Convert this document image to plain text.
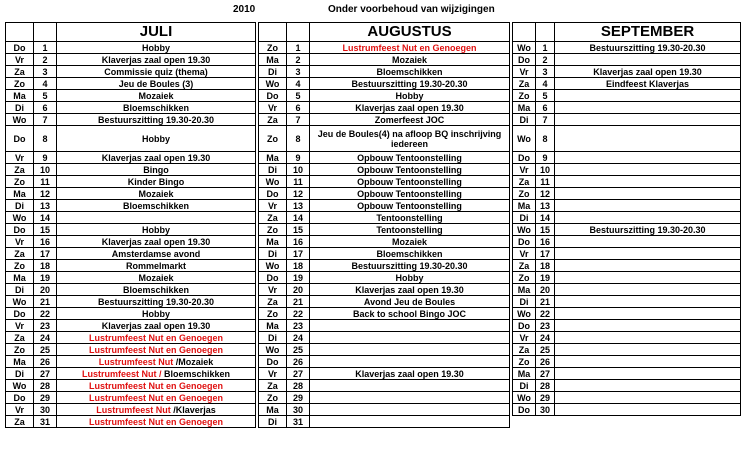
2010	Onder voorbehoud van wijzigingen
		JULI				AUGUSTUS				SEPTEMBER
Do	1	Hobby		Zo	1	Lustrumfeest Nut en Genoegen		Wo	1	Bestuurszitting 19.30-20.30
Vr	2	Klaverjas zaal open 19.30		Ma	2	Mozaiek		Do	2	
Za	3	Commissie quiz (thema)		Di	3	Bloemschikken		Vr	3	Klaverjas zaal open 19.30
Zo	4	Jeu de Boules (3)		Wo	4	Bestuurszitting 19.30-20.30		Za	4	Eindfeest Klaverjas
Ma	5	Mozaiek		Do	5	Hobby		Zo	5	
Di	6	Bloemschikken		Vr	6	Klaverjas zaal open 19.30		Ma	6	
Wo	7	Bestuurszitting 19.30-20.30		Za	7	Zomerfeest JOC		Di	7	
Do	8	Hobby		Zo	8	Jeu de Boules(4) na afloop BQ inschrijving iedereen		Wo	8	
Vr	9	Klaverjas zaal open 19.30		Ma	9	Opbouw Tentoonstelling		Do	9	
Za	10	Bingo		Di	10	Opbouw Tentoonstelling		Vr	10	
Zo	11	Kinder Bingo		Wo	11	Opbouw Tentoonstelling		Za	11	
Ma	12	Mozaiek		Do	12	Opbouw Tentoonstelling		Zo	12	
Di	13	Bloemschikken		Vr	13	Opbouw Tentoonstelling		Ma	13	
Wo	14			Za	14	Tentoonstelling		Di	14	
Do	15	Hobby		Zo	15	Tentoonstelling		Wo	15	Bestuurszitting 19.30-20.30
Vr	16	Klaverjas zaal open 19.30		Ma	16	Mozaiek		Do	16	
Za	17	Amsterdamse avond		Di	17	Bloemschikken		Vr	17	
Zo	18	Rommelmarkt		Wo	18	Bestuurszitting 19.30-20.30		Za	18	
Ma	19	Mozaiek		Do	19	Hobby		Zo	19	
Di	20	Bloemschikken		Vr	20	Klaverjas zaal open 19.30		Ma	20	
Wo	21	Bestuurszitting 19.30-20.30		Za	21	Avond Jeu de Boules		Di	21	
Do	22	Hobby		Zo	22	Back to school Bingo JOC		Wo	22	
Vr	23	Klaverjas zaal open 19.30		Ma	23			Do	23	
Za	24	Lustrumfeest Nut en Genoegen		Di	24			Vr	24	
Zo	25	Lustrumfeest Nut en Genoegen		Wo	25			Za	25	
Ma	26	Lustrumfeest Nut /Mozaiek		Do	26			Zo	26	
Di	27	Lustrumfeest Nut / Bloemschikken		Vr	27	Klaverjas zaal open 19.30		Ma	27	
Wo	28	Lustrumfeest Nut en Genoegen		Za	28			Di	28	
Do	29	Lustrumfeest Nut en Genoegen		Zo	29			Wo	29	
Vr	30	Lustrumfeest Nut /Klaverjas		Ma	30			Do	30	
Za	31	Lustrumfeest Nut en Genoegen		Di	31					
